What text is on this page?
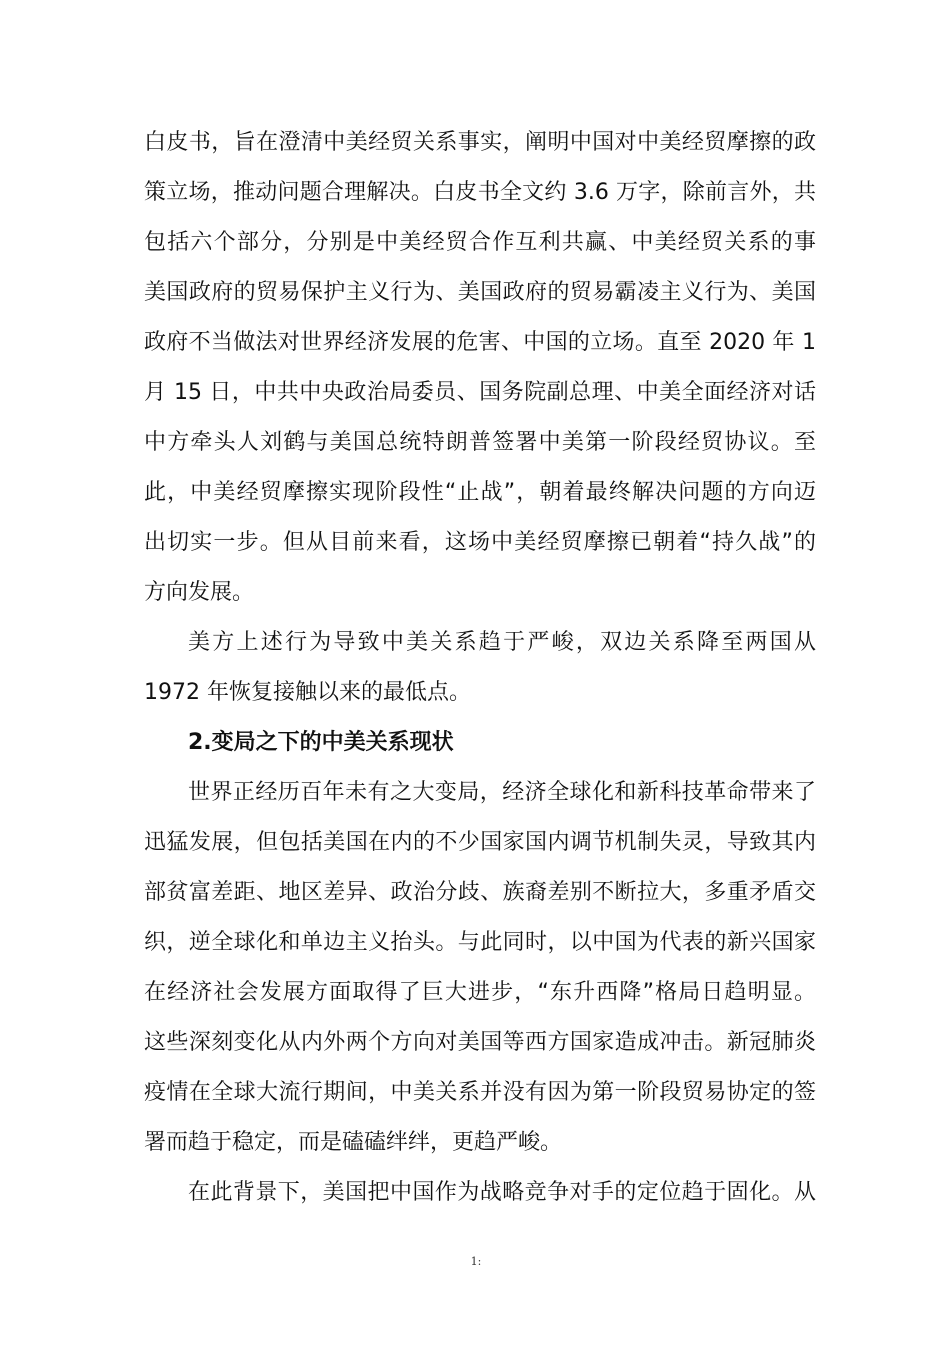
白皮书，旨在澄清中美经贸关系事实，阐明中国对中美经贸摩擦的政
策立场，推动问题合理解决。白皮书全文约 3.6 万字，除前言外，共
包括六个部分，分别是中美经贸合作互利共赢、中美经贸关系的事
美国政府的贸易保护主义行为、美国政府的贸易霸凌主义行为、美国
政府不当做法对世界经济发展的危害、中国的立场。直至 2020 年 1
月 15 日，中共中央政治局委员、国务院副总理、中美全面经济对话
中方牵头人刘鹤与美国总统特朗普签署中美第一阶段经贸协议。至
此，中美经贸摩擦实现阶段性“止战”，朝着最终解决问题的方向迈
出切实一步。但从目前来看，这场中美经贸摩擦已朝着“持久战”的
方向发展。
美方上述行为导致中美关系趋于严峻，双边关系降至两国从
1972 年恢复接触以来的最低点。
2.变局之下的中美关系现状
世界正经历百年未有之大变局，经济全球化和新科技革命带来了
迅猛发展，但包括美国在内的不少国家国内调节机制失灵，导致其内
部贫富差距、地区差异、政治分歧、族裔差别不断拉大，多重矛盾交
织，逆全球化和单边主义抬头。与此同时，以中国为代表的新兴国家
在经济社会发展方面取得了巨大进步，“东升西降”格局日趋明显。
这些深刻变化从内外两个方向对美国等西方国家造成冲击。新冠肺炎
疫情在全球大流行期间，中美关系并没有因为第一阶段贸易协定的签
署而趋于稳定，而是磕磕绊绊，更趋严峻。
在此背景下，美国把中国作为战略竞争对手的定位趋于固化。从
1:
